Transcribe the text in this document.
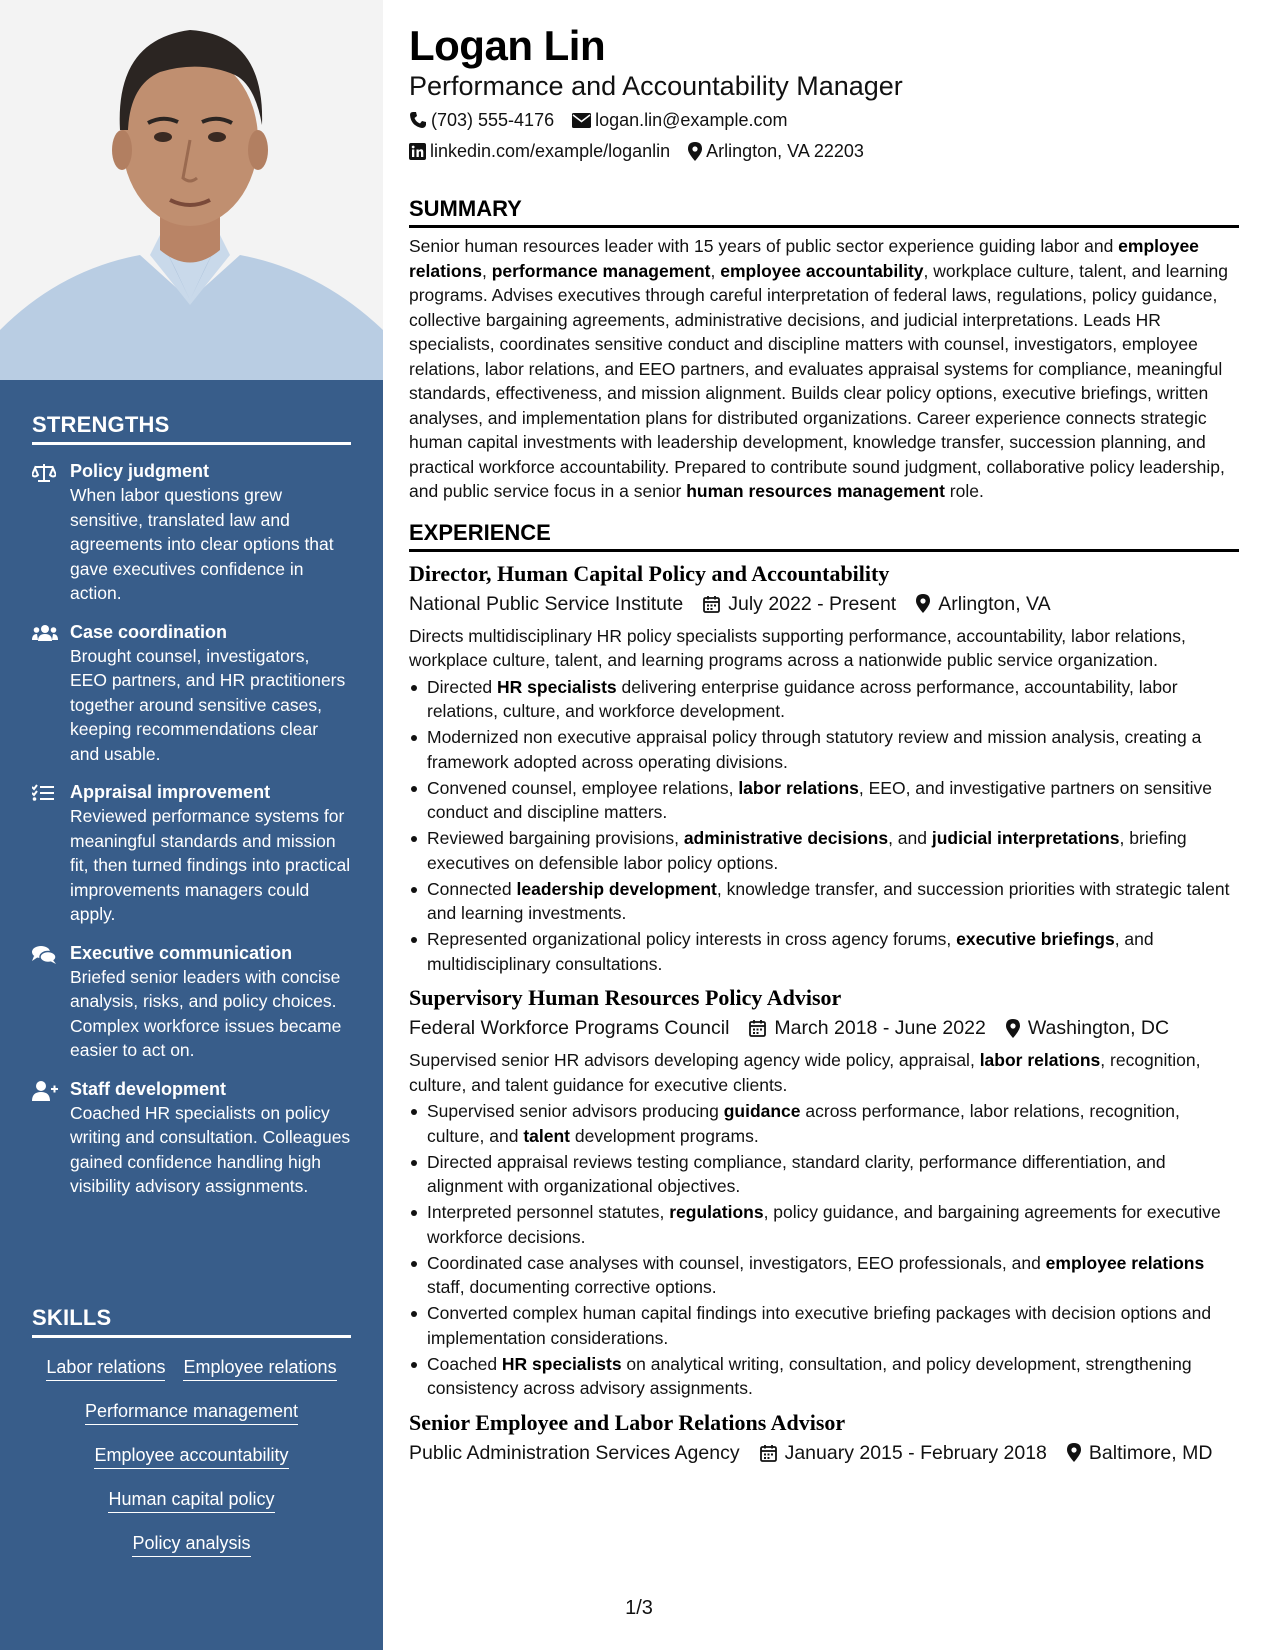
STRENGTHS
Policy judgment
When labor questions grew sensitive, translated law and agreements into clear options that gave executives confidence in action.
Case coordination
Brought counsel, investigators, EEO partners, and HR practitioners together around sensitive cases, keeping recommendations clear and usable.
Appraisal improvement
Reviewed performance systems for meaningful standards and mission fit, then turned findings into practical improvements managers could apply.
Executive communication
Briefed senior leaders with concise analysis, risks, and policy choices. Complex workforce issues became easier to act on.
Staff development
Coached HR specialists on policy writing and consultation. Colleagues gained confidence handling high visibility advisory assignments.
SKILLS
Labor relations Employee relations
Performance management
Employee accountability
Human capital policy
Policy analysis
Logan Lin
Performance and Accountability Manager
(703) 555-4176 logan.lin@example.com
linkedin.com/example/loganlin Arlington, VA 22203
SUMMARY

Senior human resources leader with 15 years of public sector experience guiding labor and employee relations, performance management, employee accountability, workplace culture, talent, and learning programs. Advises executives through careful interpretation of federal laws, regulations, policy guidance, collective bargaining agreements, administrative decisions, and judicial interpretations. Leads HR specialists, coordinates sensitive conduct and discipline matters with counsel, investigators, employee relations, labor relations, and EEO partners, and evaluates appraisal systems for compliance, meaningful standards, effectiveness, and mission alignment. Builds clear policy options, executive briefings, written analyses, and implementation plans for distributed organizations. Career experience connects strategic human capital investments with leadership development, knowledge transfer, succession planning, and practical workforce accountability. Prepared to contribute sound judgment, collaborative policy leadership, and public service focus in a senior human resources management role.

EXPERIENCE
Director, Human Capital Policy and Accountability
National Public Service Institute July 2022 - Present Arlington, VA

Directs multidisciplinary HR policy specialists supporting performance, accountability, labor relations, workplace culture, talent, and learning programs across a nationwide public service organization.

Directed HR specialists delivering enterprise guidance across performance, accountability, labor relations, culture, and workforce development.
Modernized non executive appraisal policy through statutory review and mission analysis, creating a framework adopted across operating divisions.
Convened counsel, employee relations, labor relations, EEO, and investigative partners on sensitive conduct and discipline matters.
Reviewed bargaining provisions, administrative decisions, and judicial interpretations, briefing executives on defensible labor policy options.
Connected leadership development, knowledge transfer, and succession priorities with strategic talent and learning investments.
Represented organizational policy interests in cross agency forums, executive briefings, and multidisciplinary consultations.
Supervisory Human Resources Policy Advisor
Federal Workforce Programs Council March 2018 - June 2022 Washington, DC

Supervised senior HR advisors developing agency wide policy, appraisal, labor relations, recognition, culture, and talent guidance for executive clients.

Supervised senior advisors producing guidance across performance, labor relations, recognition, culture, and talent development programs.
Directed appraisal reviews testing compliance, standard clarity, performance differentiation, and alignment with organizational objectives.
Interpreted personnel statutes, regulations, policy guidance, and bargaining agreements for executive workforce decisions.
Coordinated case analyses with counsel, investigators, EEO professionals, and employee relations staff, documenting corrective options.
Converted complex human capital findings into executive briefing packages with decision options and implementation considerations.
Coached HR specialists on analytical writing, consultation, and policy development, strengthening consistency across advisory assignments.
Senior Employee and Labor Relations Advisor
Public Administration Services Agency January 2015 - February 2018 Baltimore, MD
1/3
